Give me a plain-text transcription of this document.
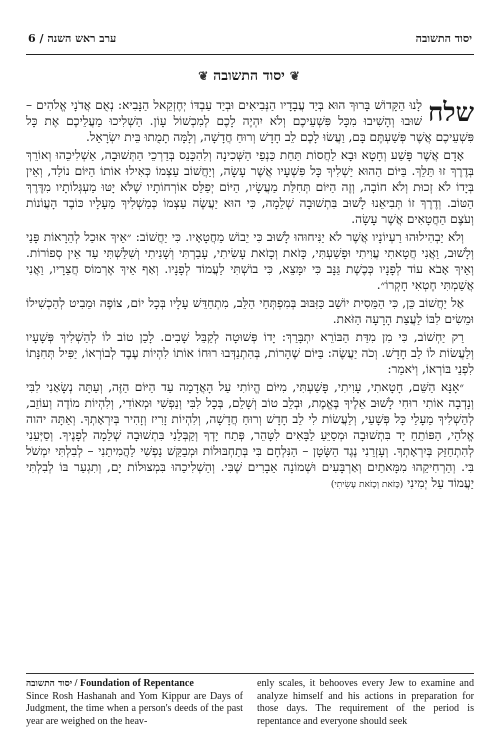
6 / ערב ראש השנה	יסוד התשובה
❦ יסוד התשובה ❦

שלח
לָנוּ הַקָּדוֹשׁ בָּרוּךְ הוּא בְּיַד עֲבָדָיו הַנְּבִיאִים וּבְיַד עַבְדּוֹ יְחֶזְקֵאל הַנָּבִיא: נְאֻם אֲדֹנָי אֱלֹהִים – שׁוּבוּ וְהָשִׁיבוּ מִכָּל פִּשְׁעֵיכֶם וְלֹא יִהְיֶה לָכֶם לְמִכְשׁוֹל עָוֹן. הַשְׁלִיכוּ מֵעֲלֵיכֶם אֶת כָּל פִּשְׁעֵיכֶם אֲשֶׁר פְּשַׁעְתֶּם בָּם, וַעֲשׂוּ לָכֶם לֵב חָדָשׁ וְרוּחַ חֲדָשָׁה, וְלָמָּה תָמֻתוּ בֵּית יִשְׂרָאֵל.

אָדָם אֲשֶׁר פָּשַׁע וְחָטָא וּבָא לַחֲסוֹת תַּחַת כַּנְפֵי הַשְּׁכִינָה וְלִהִכָּנֵס בְּדַרְכֵי הַתְּשׁוּבָה, אַשְׁלִיכֵהוּ וְאוֹרֵךְ בְּדֶרֶךְ זוּ תֵּלֵךְ. בַּיּוֹם הַהוּא יַשְׁלִיךְ כָּל פִּשְׁעָיו אֲשֶׁר עָשָׂה, וְיַחֲשׁוֹב עַצְמוֹ כְּאִילוּ אוֹתוֹ הַיּוֹם נוֹלַד, וְאֵין בְּיָדוֹ לֹא זְכוּת וְלֹא חוֹבָה, וְזֶה הַיּוֹם תְּחִלַּת מַעֲשָׂיו, הַיּוֹם יְפַלֵּס אוֹרְחוֹתָיו שֶׁלֹּא יָטּוּ מַעְגְּלוֹתָיו מִדֶּרֶךְ הַטּוֹב. וְדֶרֶךְ זוֹ תְּבִיאֵנוּ לָשׁוּב בִּתְשׁוּבָה שְׁלֵמָה, כִּי הוּא יַעֲשֶׂה עַצְמוֹ כְּמַשְׁלִיךְ מֵעָלָיו כּוֹבֶד הָעֲוֹנוֹת וְעֹצֶם הַחֲטָאִים אֲשֶׁר עָשָׂה.

וְלֹא יַבְהִילוּהוּ רַעְיוֹנָיו אֲשֶׁר לֹא יַנִּיחוּהוּ לָשׁוּב כִּי יֵבוֹשׁ מֵחֲטָאָיו. כִּי יַחֲשׁוֹב: ״אֵיךְ אוּכַל לְהֵרָאוֹת פָּנַי וְלָשׁוּב, וַאֲנִי חֲטָאתִי עֲוִיתִי וּפָשַׁעְתִּי, כָּזֹאת וְכָזֹאת עָשִׂיתִי, עָבַרְתִּי וְשָׁנִיתִי וְשִׁלַּשְׁתִּי עַד אֵין סְפוֹרוֹת. וְאֵיךְ אָבֹא עוֹד לְפָנָיו כְּכֶשֶׁת גַּנָּב כִּי יִמָּצֵא, כִּי בוֹשְׁתִּי לַעֲמוֹד לְפָנָיו. וְאַף אֵיךְ אֶרְמוֹס חֲצֵרָיו, וַאֲנִי אֲשַׁמְתִּי חֶטְאִי חָקְרוֹ״.

אַל יַחֲשׁוֹב כֵּן, כִּי הַמֵּסִית יוֹשֵׁב כַּזִּבּוּב בְּמִפְתְּחֵי הַלֵּב, מִתְחַדֵּשׁ עָלָיו בְּכָל יוֹם, צוֹפֶה וּמֵבִיט לְהַכְשִׁילוֹ וּמֵשִׂים לִבּוֹ לַעֲצַת הָרָעָה הַזֹּאת.

רַק יַחְשׁוֹב, כִּי מִן מִדַּת הַבּוֹרֵא יִתְבָּרַךְ: יָדוֹ פְּשׁוּטָה לְקַבֵּל שָׁבִים. לָכֵן טוֹב לוֹ לְהַשְׁלִיךְ פְּשָׁעָיו וְלַעֲשׂוֹת לוֹ לֵב חָדָשׁ. וְכֹה יַעֲשֶׂה: בַּיּוֹם שֶׁהָרוֹת, בְּהִתְנַדְּבוּ רוּחוֹ אוֹתוֹ לִהְיוֹת עֶבֶד לְבוֹרְאוֹ, יַפִּיל תְּחִנָּתוֹ לִפְנֵי בּוֹרְאוֹ, וְיֹאמַר:

״אָנָּא הַשֵּׁם, חָטָאתִי, עָוִיתִי, פָּשַׁעְתִּי, מִיּוֹם הֱיוֹתִי עַל הָאֲדָמָה עַד הַיּוֹם הַזֶּה, וְעַתָּה נְשָׂאַנִי לִבִּי וְנָדְבָה אוֹתִי רוּחִי לָשׁוּב אֵלֶיךָ בֶּאֱמֶת, וּבְלֵב טוֹב וְשָׁלֵם, בְּכָל לִבִּי וְנַפְשִׁי וּמְאוֹדִי, וְלִהְיוֹת מוֹדֶה וְעוֹזֵב, לְהַשְׁלִיךְ מֵעָלַי כָּל פְּשָׁעַי, וְלַעֲשׂוֹת לִי לֵב חָדָשׁ וְרוּחַ חֲדָשָׁה, וְלִהְיוֹת זָרִיז וְזָהִיר בְּיִרְאָתְךָ. וְאַתָּה יהוה אֱלֹהַי, הַפּוֹתֵחַ יָד בִּתְשׁוּבָה וּמְסַיֵּעַ לַבָּאִים לִטָּהֵר, פְּתַח יָדְךָ וְקַבְּלֵנִי בִּתְשׁוּבָה שְׁלֵמָה לְפָנֶיךָ. וְסַיְּעֵנִי לְהִתְחַזֵּק בְּיִרְאָתְךָ. וְעָזְרֵנִי נֶגֶד הַשָּׂטָן – הַנִּלְחָם בִּי בְּתַחְבּוּלוֹת וּמְבַקֵּשׁ נַפְשִׁי לַהֲמִיתֵנִי – לְבִלְתִּי יִמְשֹׁל בִּי. וְהַרְחִיקֵהוּ מִמָּאתַיִם וְאַרְבָּעִים וּשְׁמוֹנָה אֵבָרִים שֶׁבִּי. וְהַשְׁלִיכֵהוּ בִּמְצוּלוֹת יָם, וְתִגְעַר בּוֹ לְבִלְתִּי יַעֲמוֹד עַל יְמִינִי (כָּזֹאת וְכָזֹאת עָשִׂיתִי)

יסוד התשובה / Foundation of Repentance
Since Rosh Hashanah and Yom Kippur are Days of Judgment, the time when a person's deeds of the past year are weighed on the heav-
enly scales, it behooves every Jew to examine and analyze himself and his actions in preparation for those days. The requirement of the period is repentance and everyone should seek
